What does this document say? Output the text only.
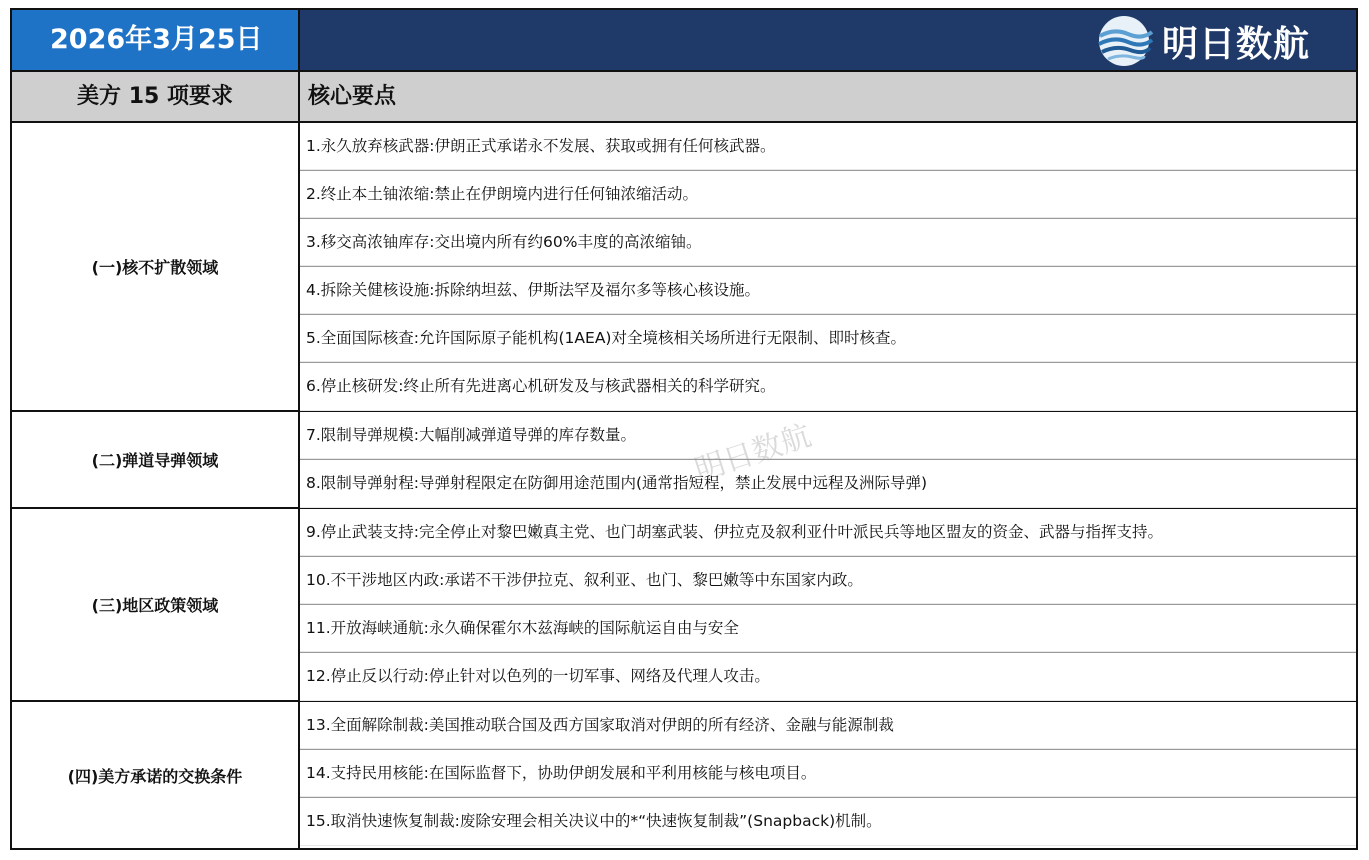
2026年3月25日	明日数航
美方 15 项要求	核心要点
(一)核不扩散领域
1.永久放弃核武器:伊朗正式承诺永不发展、获取或拥有任何核武器。
2.终止本土铀浓缩:禁止在伊朗境内进行任何铀浓缩活动。
3.移交高浓铀库存:交出境内所有约60%丰度的高浓缩铀。
4.拆除关健核设施:拆除纳坦兹、伊斯法罕及福尔多等核心核设施。
5.全面国际核查:允许国际原子能机构(1AEA)对全境核相关场所进行无限制、即时核查。
6.停止核研发:终止所有先进离心机研发及与核武器相关的科学研究。
(二)弹道导弹领域
7.限制导弹规模:大幅削减弹道导弹的库存数量。
8.限制导弹射程:导弹射程限定在防御用途范围内(通常指短程，禁止发展中远程及洲际导弹)
(三)地区政策领域
9.停止武装支持:完全停止对黎巴嫩真主党、也门胡塞武装、伊拉克及叙利亚什叶派民兵等地区盟友的资金、武器与指挥支持。
10.不干涉地区内政:承诺不干涉伊拉克、叙利亚、也门、黎巴嫩等中东国家内政。
11.开放海峡通航:永久确保霍尔木兹海峡的国际航运自由与安全
12.停止反以行动:停止针对以色列的一切军事、网络及代理人攻击。
(四)美方承诺的交换条件
13.全面解除制裁:美国推动联合国及西方国家取消对伊朗的所有经济、金融与能源制裁
14.支持民用核能:在国际监督下，协助伊朗发展和平利用核能与核电项目。
15.取消快速恢复制裁:废除安理会相关决议中的*“快速恢复制裁”(Snapback)机制。
明日数航
